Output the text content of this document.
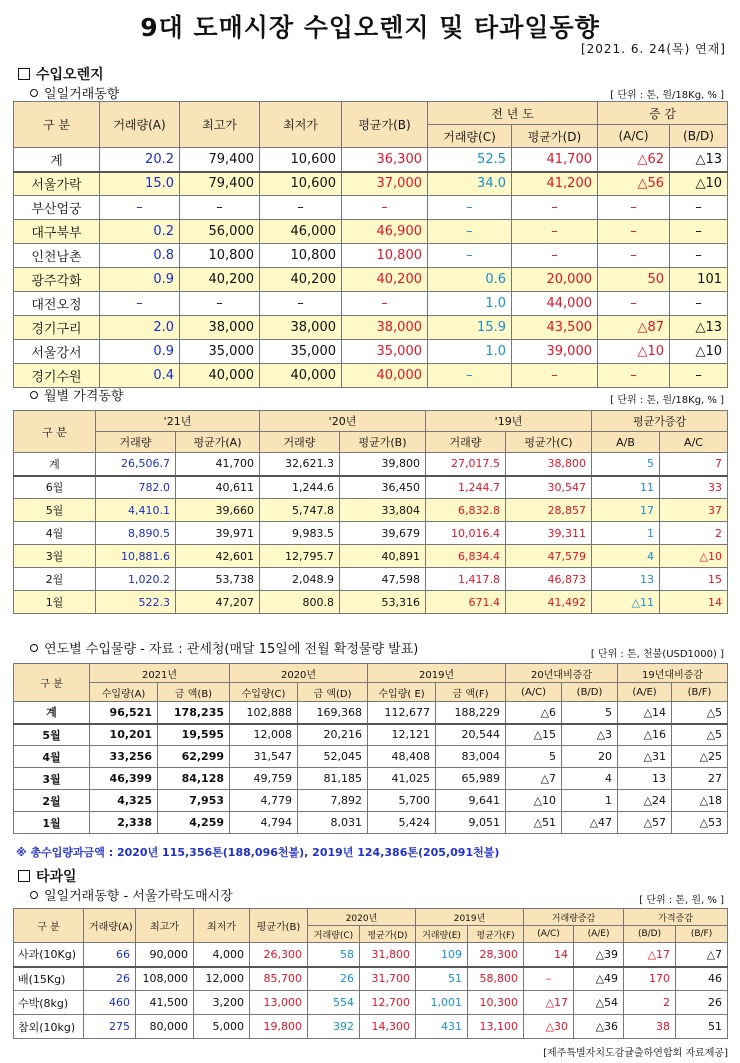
9대 도매시장 수입오렌지 및 타과일동향
[2021. 6. 24(목) 연재]
수입오렌지
일일거래동향	[ 단위 : 톤, 원/18Kg, % ]
구 분	거래량(A)	최고가	최저가	평균가(B)	전 년 도		증 감	
					거래량(C)	평균가(D)	(A/C)	(B/D)
계	20.2	79,400	10,600	36,300	52.5	41,700	△62	△13
서울가락	15.0	79,400	10,600	37,000	34.0	41,200	△56	△10
부산엄궁	–	–	–	–	–	–	–	–
대구북부	0.2	56,000	46,000	46,900	–	–	–	–
인천남촌	0.8	10,800	10,800	10,800	–	–	–	–
광주각화	0.9	40,200	40,200	40,200	0.6	20,000	50	101
대전오정	–	–	–	–	1.0	44,000	–	–
경기구리	2.0	38,000	38,000	38,000	15.9	43,500	△87	△13
서울강서	0.9	35,000	35,000	35,000	1.0	39,000	△10	△10
경기수원	0.4	40,000	40,000	40,000	–	–	–	–
월별 가격동향	[ 단위 : 톤, 원/18Kg, % ]
구 분	'21년		'20년		'19년		평균가증감	
	거래량	평균가(A)	거래량	평균가(B)	거래량	평균가(C)	A/B	A/C
계	26,506.7	41,700	32,621.3	39,800	27,017.5	38,800	5	7
6월	782.0	40,611	1,244.6	36,450	1,244.7	30,547	11	33
5월	4,410.1	39,660	5,747.8	33,804	6,832.8	28,857	17	37
4월	8,890.5	39,971	9,983.5	39,679	10,016.4	39,311	1	2
3월	10,881.6	42,601	12,795.7	40,891	6,834.4	47,579	4	△10
2월	1,020.2	53,738	2,048.9	47,598	1,417.8	46,873	13	15
1월	522.3	47,207	800.8	53,316	671.4	41,492	△11	14
연도별 수입물량 - 자료 : 관세청(매달 15일에 전월 확정물량 발표)	[ 단위 : 톤, 천불(USD1000) ]
구 분	2021년		2020년		2019년		20년대비증감		19년대비증감	
	수입량(A)	금 액(B)	수입량(C)	금 액(D)	수입량( E)	금 액(F)	(A/C)	(B/D)	(A/E)	(B/F)
계	96,521	178,235	102,888	169,368	112,677	188,229	△6	5	△14	△5
5월	10,201	19,595	12,008	20,216	12,121	20,544	△15	△3	△16	△5
4월	33,256	62,299	31,547	52,045	48,408	83,004	5	20	△31	△25
3월	46,399	84,128	49,759	81,185	41,025	65,989	△7	4	13	27
2월	4,325	7,953	4,779	7,892	5,700	9,641	△10	1	△24	△18
1월	2,338	4,259	4,794	8,031	5,424	9,051	△51	△47	△57	△53
※ 총수입량과금액 : 2020년 115,356톤(188,096천불), 2019년 124,386톤(205,091천불)
타과일
일일거래동향 - 서울가락도매시장	[ 단위 : 톤, 원, % ]
구 분	거래량(A)	최고가	최저가	평균가(B)	2020년		2019년		거래량증감		가격증감	
					거래량(C)	평균가(D)	거래량(E)	평균가(F)	(A/C)	(A/E)	(B/D)	(B/F)
사과(10Kg)	66	90,000	4,000	26,300	58	31,800	109	28,300	14	△39	△17	△7
배(15Kg)	26	108,000	12,000	85,700	26	31,700	51	58,800	–	△49	170	46
수박(8kg)	460	41,500	3,200	13,000	554	12,700	1,001	10,300	△17	△54	2	26
참외(10kg)	275	80,000	5,000	19,800	392	14,300	431	13,100	△30	△36	38	51
[제주특별자치도감귤출하연합회 자료제공]
